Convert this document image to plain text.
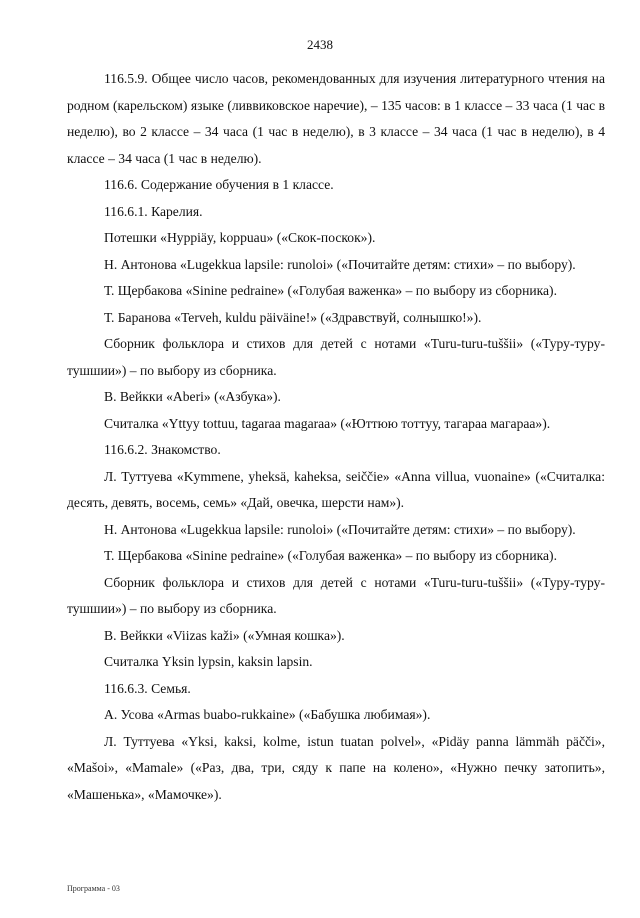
2438

116.5.9. Общее число часов, рекомендованных для изучения литературного чтения на родном (карельском) языке (ливвиковское наречие), – 135 часов: в 1 классе – 33 часа (1 час в неделю), во 2 классе – 34 часа (1 час в неделю), в 3 классе – 34 часа (1 час в неделю), в 4 классе – 34 часа (1 час в неделю).

116.6. Содержание обучения в 1 классе.

116.6.1. Карелия.

Потешки «Hyppiäy, koppuau» («Скок-поскок»).

Н. Антонова «Lugekkua lapsile: runoloi» («Почитайте детям: стихи» – по выбору).

Т. Щербакова «Sinine pedraine» («Голубая важенка» – по выбору из сборника).

Т. Баранова «Terveh, kuldu päiväine!» («Здравствуй, солнышко!»).

Сборник фольклора и стихов для детей с нотами «Turu-turu-tuššii» («Туру-туру-тушшии») – по выбору из сборника.

В. Вейкки «Aberi» («Азбука»).

Считалка «Yttyy tottuu, tagaraa magaraa» («Юттюю тоттуу, тагараа магараа»).

116.6.2. Знакомство.

Л. Туттуева «Kymmene, yheksä, kaheksa, seiččie» «Anna villua, vuonaine» («Считалка: десять, девять, восемь, семь» «Дай, овечка, шерсти нам»).

Н. Антонова «Lugekkua lapsile: runoloi» («Почитайте детям: стихи» – по выбору).

Т. Щербакова «Sinine pedraine» («Голубая важенка» – по выбору из сборника).

Сборник фольклора и стихов для детей с нотами «Turu-turu-tuššii» («Туру-туру-тушшии») – по выбору из сборника.

В. Вейкки «Viizas kaži» («Умная кошка»).

Считалка Yksin lypsin, kaksin lapsin.

116.6.3. Семья.

А. Усова «Armas buabo-rukkaine» («Бабушка любимая»).

Л. Туттуева «Yksi, kaksi, kolme, istun tuatan polvel», «Pidäy panna lämmäh päčči», «Mašoi», «Mamale» («Раз, два, три, сяду к папе на колено», «Нужно печку затопить», «Машенька», «Мамочке»).

Программа - 03
